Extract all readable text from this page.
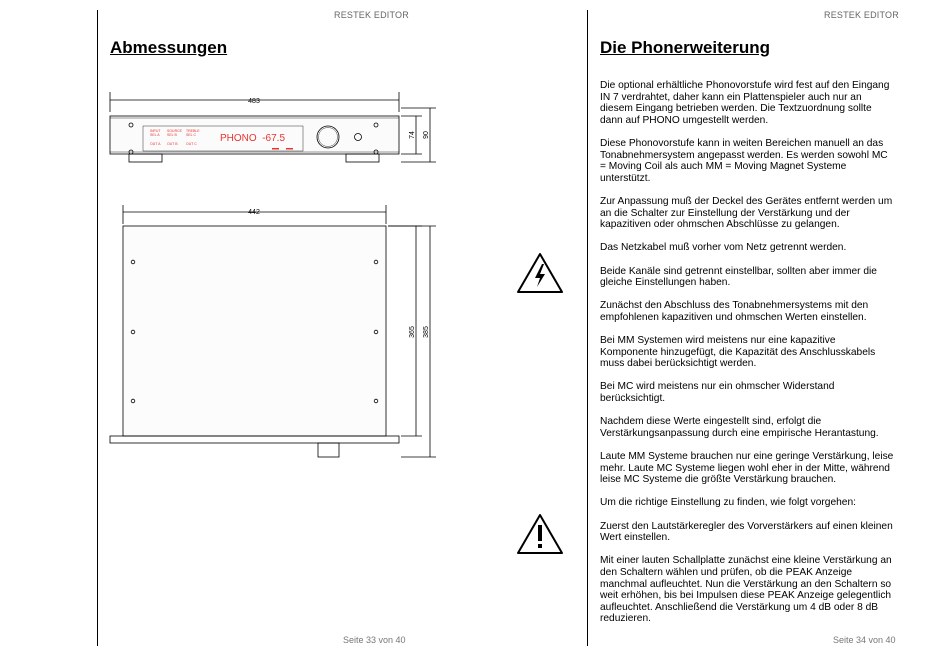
RESTEK EDITOR
Abmessungen
INPUT SOURCE TREBLE
SEL A SEL B	SEL C
OUT A OUT B OUT C PHONO  -67.5
483
74 90
442
365 385
Seite 33 von 40
RESTEK EDITOR
Die Phonerweiterung

Die optional erhältliche Phonovorstufe wird fest auf den Eingang IN 7 verdrahtet, daher kann ein Plattenspieler auch nur an diesem Eingang betrieben werden. Die Textzuordnung sollte dann auf PHONO umgestellt werden.

Diese Phonovorstufe kann in weiten Bereichen manuell an das Tonabnehmersystem angepasst werden. Es werden sowohl MC = Moving Coil als auch MM = Moving Magnet Systeme unterstützt.

Zur Anpassung muß der Deckel des Gerätes entfernt werden um an die Schalter zur Einstellung der Verstärkung und der kapazitiven oder ohmschen Abschlüsse zu gelangen.

Das Netzkabel muß vorher vom Netz getrennt werden.

Beide Kanäle sind getrennt einstellbar, sollten aber immer die gleiche Einstellungen haben.

Zunächst den Abschluss des Tonabnehmersystems mit den empfohlenen kapazitiven und ohmschen Werten einstellen.

Bei MM Systemen wird meistens nur eine kapazitive Komponente hinzugefügt, die Kapazität des Anschlusskabels muss dabei berücksichtigt werden.

Bei MC wird meistens nur ein ohmscher Widerstand berücksichtigt.

Nachdem diese Werte eingestellt sind, erfolgt die Verstärkungsanpassung durch eine empirische Herantastung.

Laute MM Systeme brauchen nur eine geringe Verstärkung, leise mehr. Laute MC Systeme liegen wohl eher in der Mitte, während leise MC Systeme die größte Verstärkung brauchen.

Um die richtige Einstellung zu finden, wie folgt vorgehen:

Zuerst den Lautstärkeregler des Vorverstärkers auf einen kleinen Wert einstellen.

Mit einer lauten Schallplatte zunächst eine kleine Verstärkung an den Schaltern wählen und prüfen, ob die PEAK Anzeige manchmal aufleuchtet. Nun die Verstärkung an den Schaltern so weit erhöhen, bis bei Impulsen diese PEAK Anzeige gelegentlich aufleuchtet. Anschließend die Verstärkung um 4 dB oder 8 dB reduzieren.

Seite 34 von 40
